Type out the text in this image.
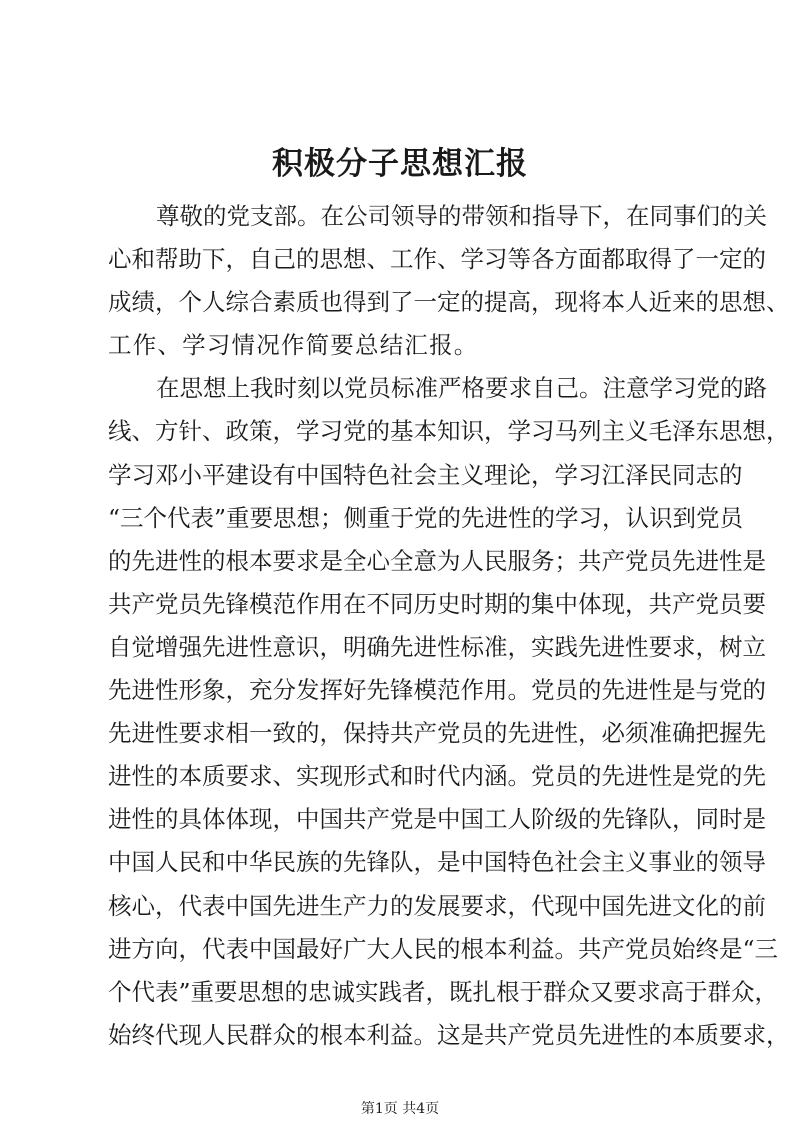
积极分子思想汇报
尊敬的党支部。在公司领导的带领和指导下，在同事们的关
心和帮助下，自己的思想、工作、学习等各方面都取得了一定的
成绩，个人综合素质也得到了一定的提高，现将本人近来的思想、
工作、学习情况作简要总结汇报。
在思想上我时刻以党员标准严格要求自己。注意学习党的路
线、方针、政策，学习党的基本知识，学习马列主义毛泽东思想，
学习邓小平建设有中国特色社会主义理论，学习江泽民同志的
“三个代表”重要思想；侧重于党的先进性的学习，认识到党员
的先进性的根本要求是全心全意为人民服务；共产党员先进性是
共产党员先锋模范作用在不同历史时期的集中体现，共产党员要
自觉增强先进性意识，明确先进性标准，实践先进性要求，树立
先进性形象，充分发挥好先锋模范作用。党员的先进性是与党的
先进性要求相一致的，保持共产党员的先进性，必须准确把握先
进性的本质要求、实现形式和时代内涵。党员的先进性是党的先
进性的具体体现，中国共产党是中国工人阶级的先锋队，同时是
中国人民和中华民族的先锋队，是中国特色社会主义事业的领导
核心，代表中国先进生产力的发展要求，代现中国先进文化的前
进方向，代表中国最好广大人民的根本利益。共产党员始终是“三
个代表”重要思想的忠诚实践者，既扎根于群众又要求高于群众，
始终代现人民群众的根本利益。这是共产党员先进性的本质要求，
第1页 共4页
